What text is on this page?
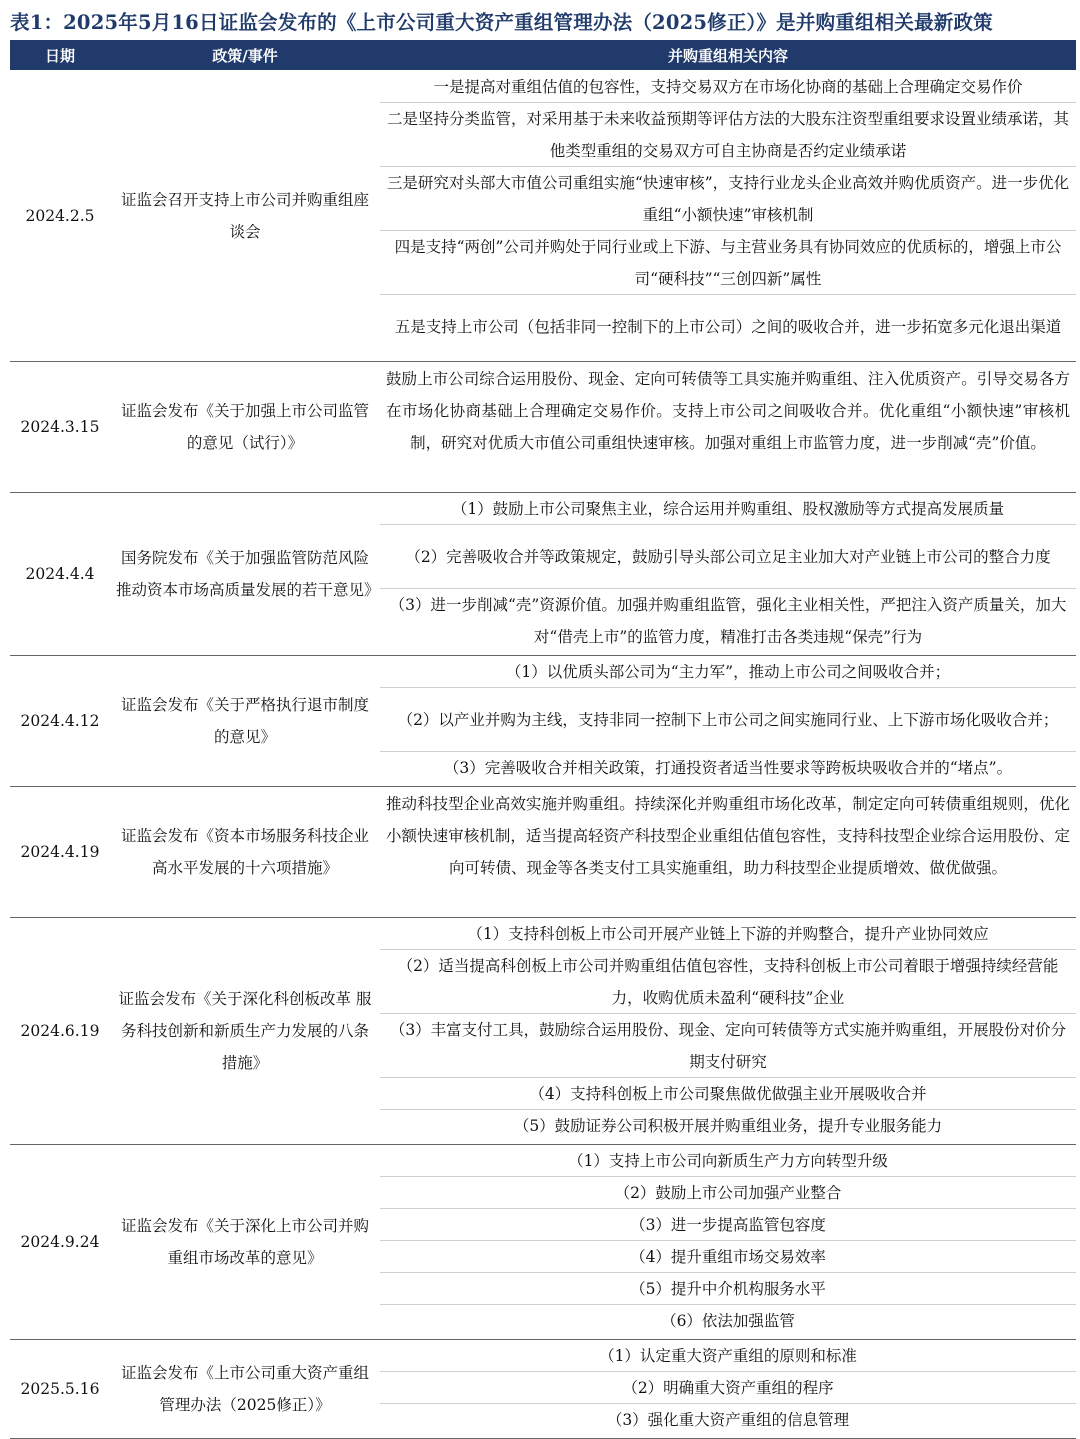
表1：2025年5月16日证监会发布的《上市公司重大资产重组管理办法（2025修正）》是并购重组相关最新政策
日期	政策/事件	并购重组相关内容
2024.2.5
证监会召开支持上市公司并购重组座谈会
一是提高对重组估值的包容性，支持交易双方在市场化协商的基础上合理确定交易作价
二是坚持分类监管，对采用基于未来收益预期等评估方法的大股东注资型重组要求设置业绩承诺，其他类型重组的交易双方可自主协商是否约定业绩承诺
三是研究对头部大市值公司重组实施“快速审核”，支持行业龙头企业高效并购优质资产。进一步优化重组“小额快速”审核机制
四是支持“两创”公司并购处于同行业或上下游、与主营业务具有协同效应的优质标的，增强上市公司“硬科技”“三创四新”属性
五是支持上市公司（包括非同一控制下的上市公司）之间的吸收合并，进一步拓宽多元化退出渠道
2024.3.15
证监会发布《关于加强上市公司监管的意见（试行）》
鼓励上市公司综合运用股份、现金、定向可转债等工具实施并购重组、注入优质资产。引导交易各方在市场化协商基础上合理确定交易作价。支持上市公司之间吸收合并。优化重组“小额快速”审核机制，研究对优质大市值公司重组快速审核。加强对重组上市监管力度，进一步削减“壳”价值。
2024.4.4
国务院发布《关于加强监管防范风险推动资本市场高质量发展的若干意见》
（1）鼓励上市公司聚焦主业，综合运用并购重组、股权激励等方式提高发展质量
（2）完善吸收合并等政策规定，鼓励引导头部公司立足主业加大对产业链上市公司的整合力度
（3）进一步削减“壳”资源价值。加强并购重组监管，强化主业相关性，严把注入资产质量关，加大对“借壳上市”的监管力度，精准打击各类违规“保壳”行为
2024.4.12
证监会发布《关于严格执行退市制度的意见》
（1）以优质头部公司为“主力军”，推动上市公司之间吸收合并；
（2）以产业并购为主线，支持非同一控制下上市公司之间实施同行业、上下游市场化吸收合并；
（3）完善吸收合并相关政策，打通投资者适当性要求等跨板块吸收合并的“堵点”。
2024.4.19
证监会发布《资本市场服务科技企业高水平发展的十六项措施》
推动科技型企业高效实施并购重组。持续深化并购重组市场化改革，制定定向可转债重组规则，优化小额快速审核机制，适当提高轻资产科技型企业重组估值包容性，支持科技型企业综合运用股份、定向可转债、现金等各类支付工具实施重组，助力科技型企业提质增效、做优做强。
2024.6.19
证监会发布《关于深化科创板改革 服务科技创新和新质生产力发展的八条措施》
（1）支持科创板上市公司开展产业链上下游的并购整合，提升产业协同效应
（2）适当提高科创板上市公司并购重组估值包容性，支持科创板上市公司着眼于增强持续经营能力，收购优质未盈利“硬科技”企业
（3）丰富支付工具，鼓励综合运用股份、现金、定向可转债等方式实施并购重组，开展股份对价分期支付研究
（4）支持科创板上市公司聚焦做优做强主业开展吸收合并
（5）鼓励证券公司积极开展并购重组业务，提升专业服务能力
2024.9.24
证监会发布《关于深化上市公司并购重组市场改革的意见》
（1）支持上市公司向新质生产力方向转型升级
（2）鼓励上市公司加强产业整合
（3）进一步提高监管包容度
（4）提升重组市场交易效率
（5）提升中介机构服务水平
（6）依法加强监管
2025.5.16
证监会发布《上市公司重大资产重组管理办法（2025修正）》
（1）认定重大资产重组的原则和标准
（2）明确重大资产重组的程序
（3）强化重大资产重组的信息管理
